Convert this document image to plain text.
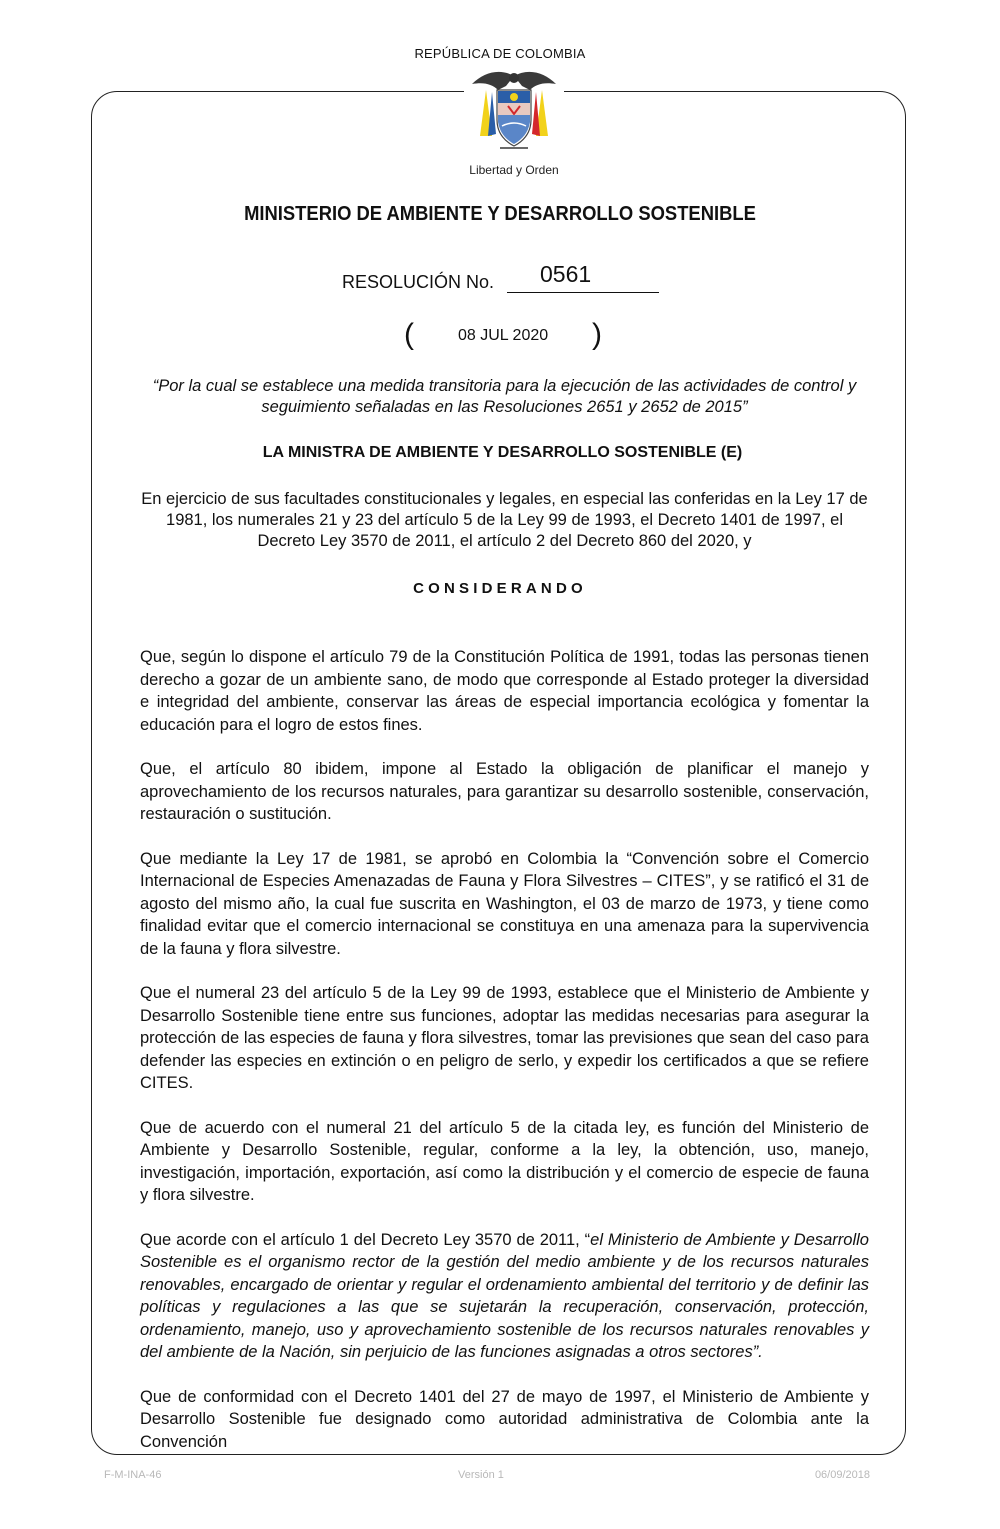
REPÚBLICA DE COLOMBIA
Libertad y Orden
MINISTERIO DE AMBIENTE Y DESARROLLO SOSTENIBLE
RESOLUCIÓN No. 0561
(	08 JUL 2020 )
“Por la cual se establece una medida transitoria para la ejecución de las actividades de control y seguimiento señaladas en las Resoluciones 2651 y 2652 de 2015”
LA MINISTRA DE AMBIENTE Y DESARROLLO SOSTENIBLE (E)
En ejercicio de sus facultades constitucionales y legales, en especial las conferidas en la Ley 17 de 1981, los numerales 21 y 23 del artículo 5 de la Ley 99 de 1993, el Decreto 1401 de 1997, el Decreto Ley 3570 de 2011, el artículo 2 del Decreto 860 del 2020, y
CONSIDERANDO

Que, según lo dispone el artículo 79 de la Constitución Política de 1991, todas las personas tienen derecho a gozar de un ambiente sano, de modo que corresponde al Estado proteger la diversidad e integridad del ambiente, conservar las áreas de especial importancia ecológica y fomentar la educación para el logro de estos fines.

Que, el artículo 80 ibidem, impone al Estado la obligación de planificar el manejo y aprovechamiento de los recursos naturales, para garantizar su desarrollo sostenible, conservación, restauración o sustitución.

Que mediante la Ley 17 de 1981, se aprobó en Colombia la “Convención sobre el Comercio Internacional de Especies Amenazadas de Fauna y Flora Silvestres – CITES”, y se ratificó el 31 de agosto del mismo año, la cual fue suscrita en Washington, el 03 de marzo de 1973, y tiene como finalidad evitar que el comercio internacional se constituya en una amenaza para la supervivencia de la fauna y flora silvestre.

Que el numeral 23 del artículo 5 de la Ley 99 de 1993, establece que el Ministerio de Ambiente y Desarrollo Sostenible tiene entre sus funciones, adoptar las medidas necesarias para asegurar la protección de las especies de fauna y flora silvestres, tomar las previsiones que sean del caso para defender las especies en extinción o en peligro de serlo, y expedir los certificados a que se refiere CITES.

Que de acuerdo con el numeral 21 del artículo 5 de la citada ley, es función del Ministerio de Ambiente y Desarrollo Sostenible, regular, conforme a la ley, la obtención, uso, manejo, investigación, importación, exportación, así como la distribución y el comercio de especie de fauna y flora silvestre.

Que acorde con el artículo 1 del Decreto Ley 3570 de 2011, “el Ministerio de Ambiente y Desarrollo Sostenible es el organismo rector de la gestión del medio ambiente y de los recursos naturales renovables, encargado de orientar y regular el ordenamiento ambiental del territorio y de definir las políticas y regulaciones a las que se sujetarán la recuperación, conservación, protección, ordenamiento, manejo, uso y aprovechamiento sostenible de los recursos naturales renovables y del ambiente de la Nación, sin perjuicio de las funciones asignadas a otros sectores”.

Que de conformidad con el Decreto 1401 del 27 de mayo de 1997, el Ministerio de Ambiente y Desarrollo Sostenible fue designado como autoridad administrativa de Colombia ante la Convención

F-M-INA-46	Versión 1	06/09/2018
